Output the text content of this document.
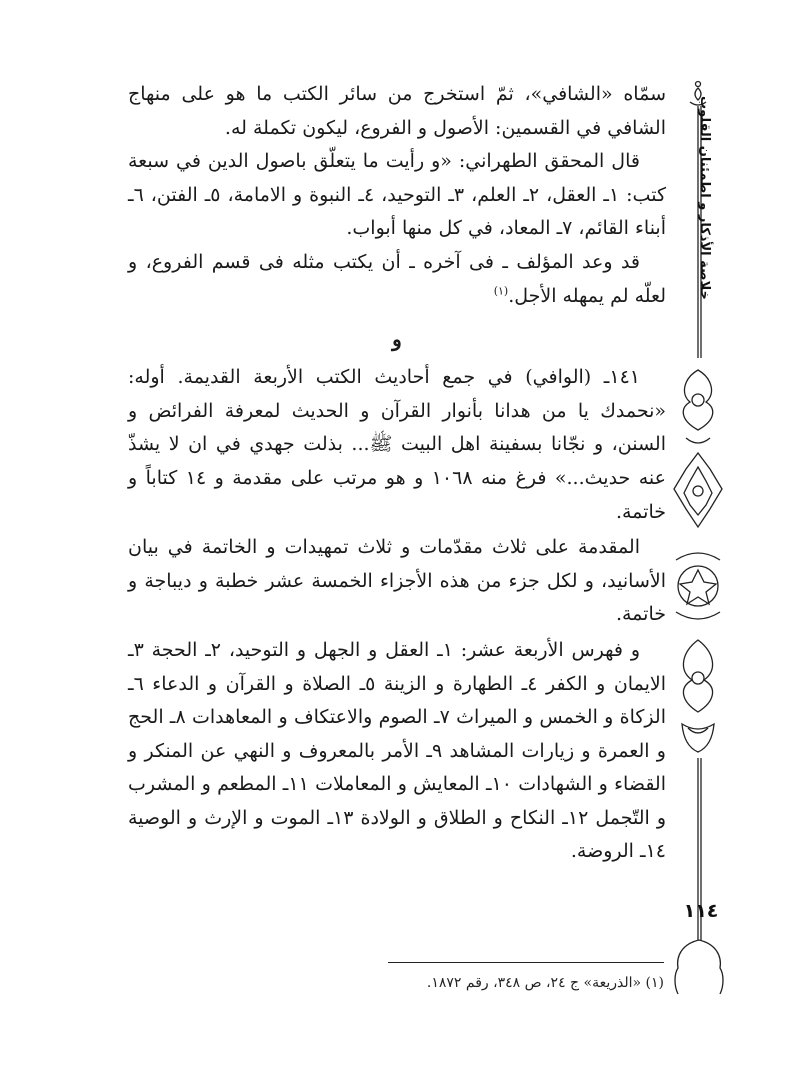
خلاصة الأذكار و اطمئنان القلوب
١١٤

سمّاه «الشافي»، ثمّ استخرج من سائر الكتب ما هو على منهاج الشافي في القسمين: الأصول و الفروع، ليكون تكملة له.

قال المحقق الطهراني: «و رأيت ما يتعلّق باصول الدين في سبعة كتب: ١ـ العقل، ٢ـ العلم، ٣ـ التوحيد، ٤ـ النبوة و الامامة، ٥ـ الفتن، ٦ـ أبناء القائم، ٧ـ المعاد، في كل منها أبواب.

قد وعد المؤلف ـ فى آخره ـ أن يكتب مثله فى قسم الفروع، و لعلّه لم يمهله الأجل.$^{(١)}$

و

١٤١ـ (الوافي) في جمع أحاديث الكتب الأربعة القديمة. أوله: «نحمدك يا من هدانا بأنوار القرآن و الحديث لمعرفة الفرائض و السنن، و نجّانا بسفينة اهل البيت ﷺ... بذلت جهدي في ان لا يشذّ عنه حديث...» فرغ منه ١٠٦٨ و هو مرتب على مقدمة و ١٤ كتاباً و خاتمة.

المقدمة على ثلاث مقدّمات و ثلاث تمهيدات و الخاتمة في بيان الأسانيد، و لكل جزء من هذه الأجزاء الخمسة عشر خطبة و ديباجة و خاتمة.

و فهرس الأربعة عشر: ١ـ العقل و الجهل و التوحيد، ٢ـ الحجة ٣ـ الايمان و الكفر ٤ـ الطهارة و الزينة ٥ـ الصلاة و القرآن و الدعاء ٦ـ الزكاة و الخمس و الميراث ٧ـ الصوم والاعتكاف و المعاهدات ٨ـ الحج و العمرة و زيارات المشاهد ٩ـ الأمر بالمعروف و النهي عن المنكر و القضاء و الشهادات ١٠ـ المعايش و المعاملات ١١ـ المطعم و المشرب و التّجمل ١٢ـ النكاح و الطلاق و الولادة ١٣ـ الموت و الإرث و الوصية ١٤ـ الروضة.

(١) «الذريعة» ج ٢٤، ص ٣٤٨، رقم ١٨٧٢.
